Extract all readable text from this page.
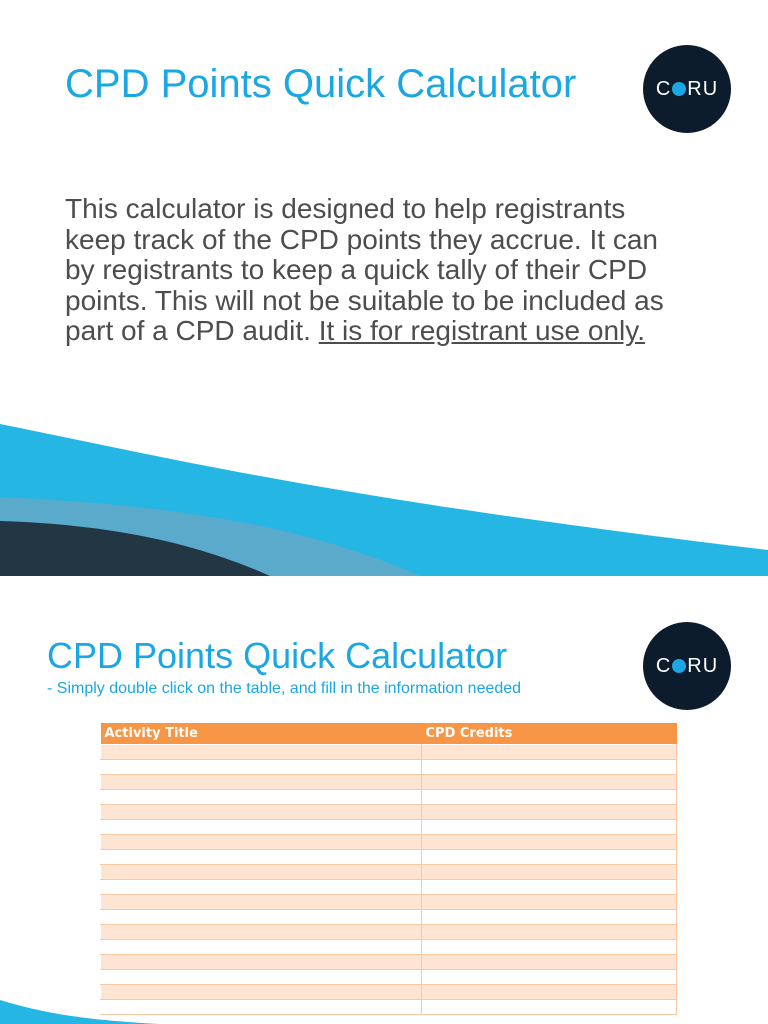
CPD Points Quick Calculator	C RU

This calculator is designed to help registrants keep track of the CPD points they accrue. It can by registrants to keep a quick tally of their CPD points. This will not be suitable to be included as part of a CPD audit. It is for registrant use only.

CPD Points Quick Calculator

- Simply double click on the table, and fill in the information needed

C RU
Activity Title	CPD Credits
